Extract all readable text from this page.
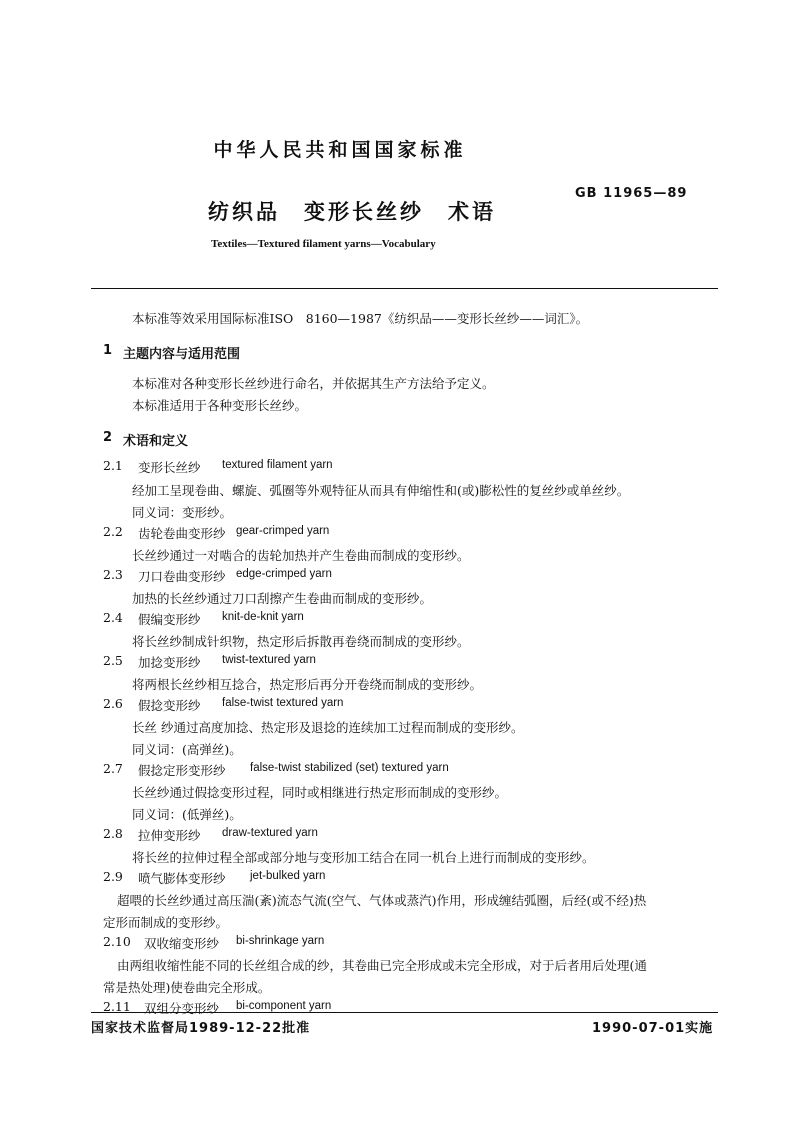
中华人民共和国国家标准
GB 11965—89
纺织品　变形长丝纱　术语
Textiles—Textured filament yarns—Vocabulary
本标准等效采用国际标准ISO　8160—1987《纺织品——变形长丝纱——词汇》。
1 主题内容与适用范围
本标准对各种变形长丝纱进行命名，并依据其生产方法给予定义。
本标准适用于各种变形长丝纱。
2 术语和定义
2.1 变形长丝纱 textured filament yarn
经加工呈现卷曲、螺旋、弧圈等外观特征从而具有伸缩性和(或)膨松性的复丝纱或单丝纱。
同义词：变形纱。
2.2 齿轮卷曲变形纱 gear-crimped yarn
长丝纱通过一对啮合的齿轮加热并产生卷曲而制成的变形纱。
2.3 刀口卷曲变形纱 edge-crimped yarn
加热的长丝纱通过刀口刮擦产生卷曲而制成的变形纱。
2.4 假编变形纱 knit-de-knit yarn
将长丝纱制成针织物，热定形后拆散再卷绕而制成的变形纱。
2.5 加捻变形纱 twist-textured yarn
将两根长丝纱相互捻合，热定形后再分开卷绕而制成的变形纱。
2.6 假捻变形纱 false-twist textured yarn
长丝 纱通过高度加捻、热定形及退捻的连续加工过程而制成的变形纱。
同义词：(高弹丝)。
2.7 假捻定形变形纱 false-twist stabilized (set) textured yarn
长丝纱通过假捻变形过程，同时或相继进行热定形而制成的变形纱。
同义词：(低弹丝)。
2.8 拉伸变形纱 draw-textured yarn
将长丝的拉伸过程全部或部分地与变形加工结合在同一机台上进行而制成的变形纱。
2.9 喷气膨体变形纱 jet-bulked yarn
超喂的长丝纱通过高压湍(紊)流态气流(空气、气体或蒸汽)作用，形成缠结弧圈，后经(或不经)热
定形而制成的变形纱。
2.10 双收缩变形纱 bi-shrinkage yarn
由两组收缩性能不同的长丝组合成的纱，其卷曲已完全形成或未完全形成，对于后者用后处理(通
常是热处理)使卷曲完全形成。
2.11 双组分变形纱 bi-component yarn
国家技术监督局1989-12-22批准	1990-07-01实施
